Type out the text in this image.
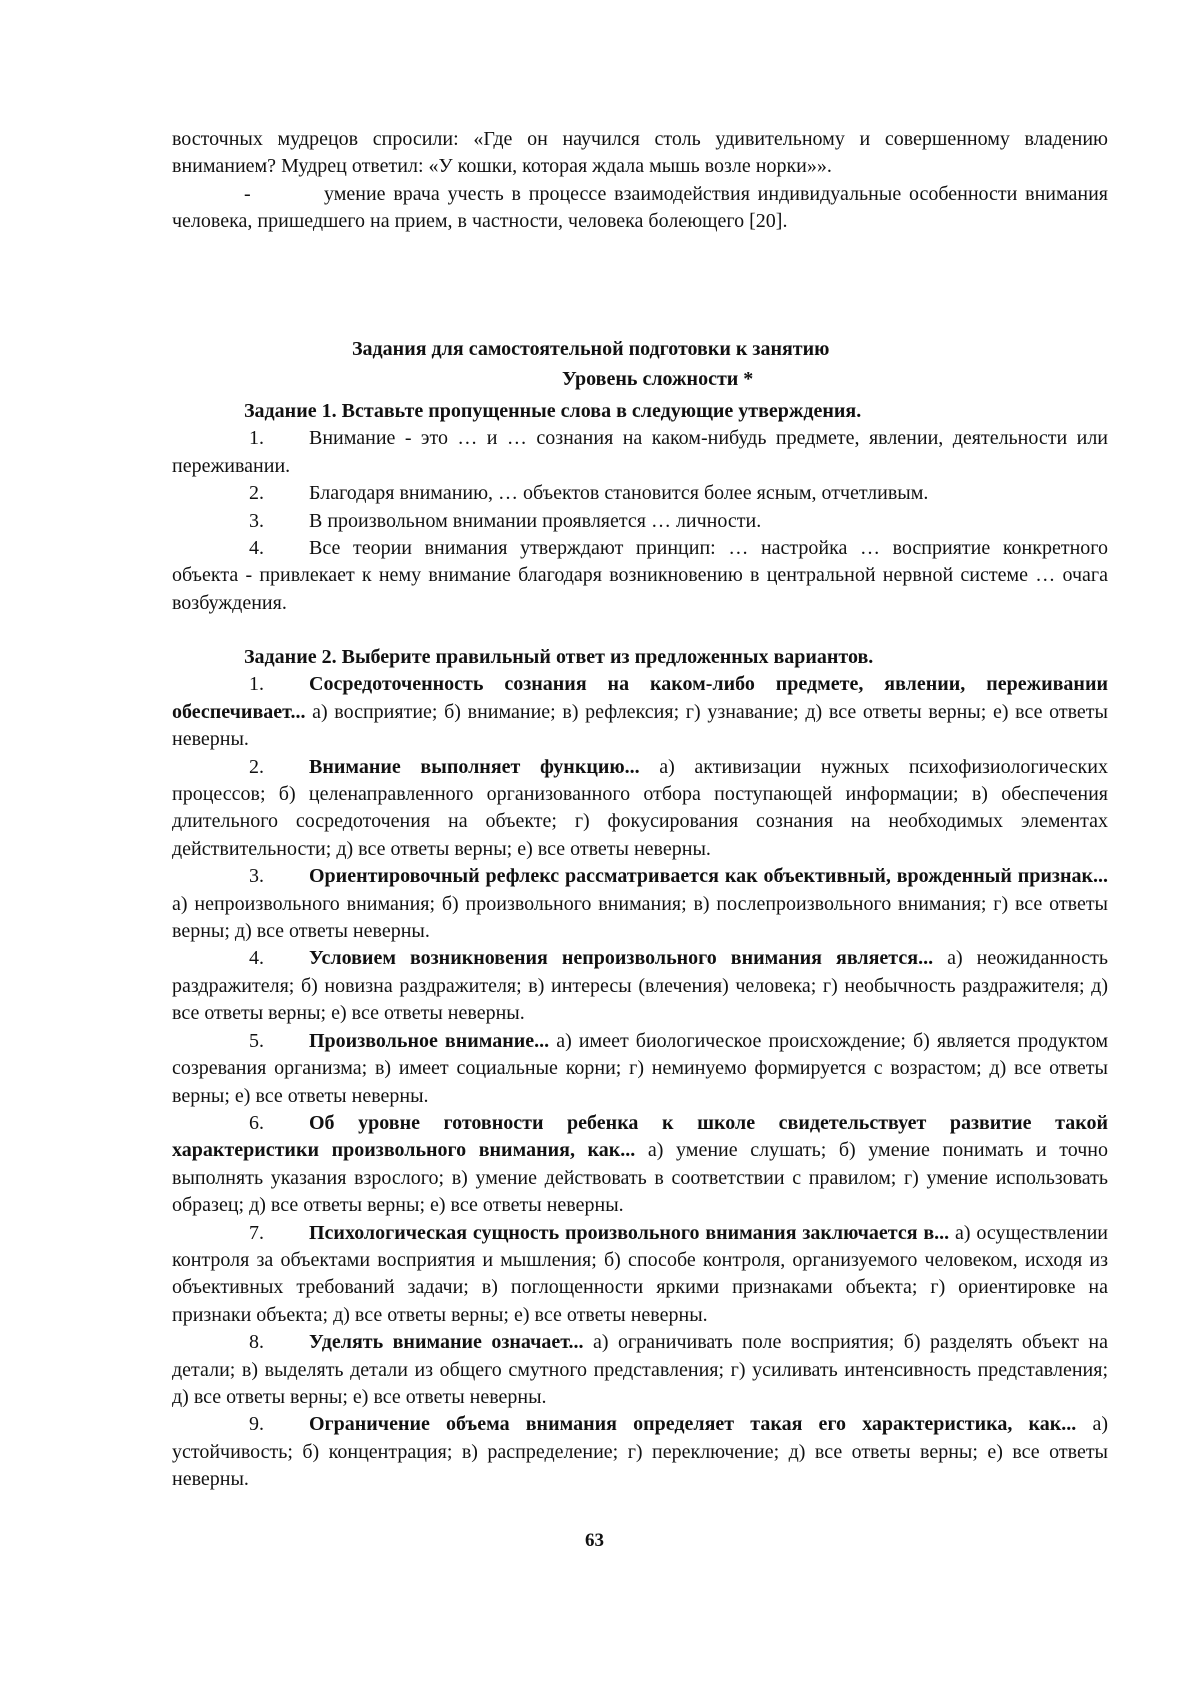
восточных мудрецов спросили: «Где он научился столь удивительному и совершенному владению вниманием? Мудрец ответил: «У кошки, которая ждала мышь возле норки»».

-	умение врача учесть в процессе взаимодействия индивидуальные особенности внимания человека, пришедшего на прием, в частности, человека болеющего [20].

Задания для самостоятельной подготовки к занятию
Уровень сложности *

Задание 1. Вставьте пропущенные слова в следующие утверждения.

1. Внимание - это … и … сознания на каком-нибудь предмете, явлении, деятельности или переживании.

2. Благодаря вниманию, … объектов становится более ясным, отчетливым.

3. В произвольном внимании проявляется … личности.

4. Все теории внимания утверждают принцип: … настройка … восприятие конкретного объекта - привлекает к нему внимание благодаря возникновению в центральной нервной системе … очага возбуждения.

Задание 2. Выберите правильный ответ из предложенных вариантов.

1. Сосредоточенность сознания на каком-либо предмете, явлении, переживании обеспечивает... а) восприятие; б) внимание; в) рефлексия; г) узнавание; д) все ответы верны; е) все ответы неверны.

2. Внимание выполняет функцию... а) активизации нужных психофизиологических процессов; б) целенаправленного организованного отбора поступающей информации; в) обеспечения длительного сосредоточения на объекте; г) фокусирования сознания на необходимых элементах действительности; д) все ответы верны; е) все ответы неверны.

3. Ориентировочный рефлекс рассматривается как объективный, врожденный признак... а) непроизвольного внимания; б) произвольного внимания; в) послепроизвольного внимания; г) все ответы верны; д) все ответы неверны.

4. Условием возникновения непроизвольного внимания является... а) неожиданность раздражителя; б) новизна раздражителя; в) интересы (влечения) человека; г) необычность раздражителя; д) все ответы верны; е) все ответы неверны.

5. Произвольное внимание... а) имеет биологическое происхождение; б) является продуктом созревания организма; в) имеет социальные корни; г) неминуемо формируется с возрастом; д) все ответы верны; е) все ответы неверны.

6. Об уровне готовности ребенка к школе свидетельствует развитие такой характеристики произвольного внимания, как... а) умение слушать; б) умение понимать и точно выполнять указания взрослого; в) умение действовать в соответствии с правилом; г) умение использовать образец; д) все ответы верны; е) все ответы неверны.

7. Психологическая сущность произвольного внимания заключается в... а) осуществлении контроля за объектами восприятия и мышления; б) способе контроля, организуемого человеком, исходя из объективных требований задачи; в) поглощенности яркими признаками объекта; г) ориентировке на признаки объекта; д) все ответы верны; е) все ответы неверны.

8. Уделять внимание означает... а) ограничивать поле восприятия; б) разделять объект на детали; в) выделять детали из общего смутного представления; г) усиливать интенсивность представления; д) все ответы верны; е) все ответы неверны.

9. Ограничение объема внимания определяет такая его характеристика, как... а) устойчивость; б) концентрация; в) распределение; г) переключение; д) все ответы верны; е) все ответы неверны.

63
